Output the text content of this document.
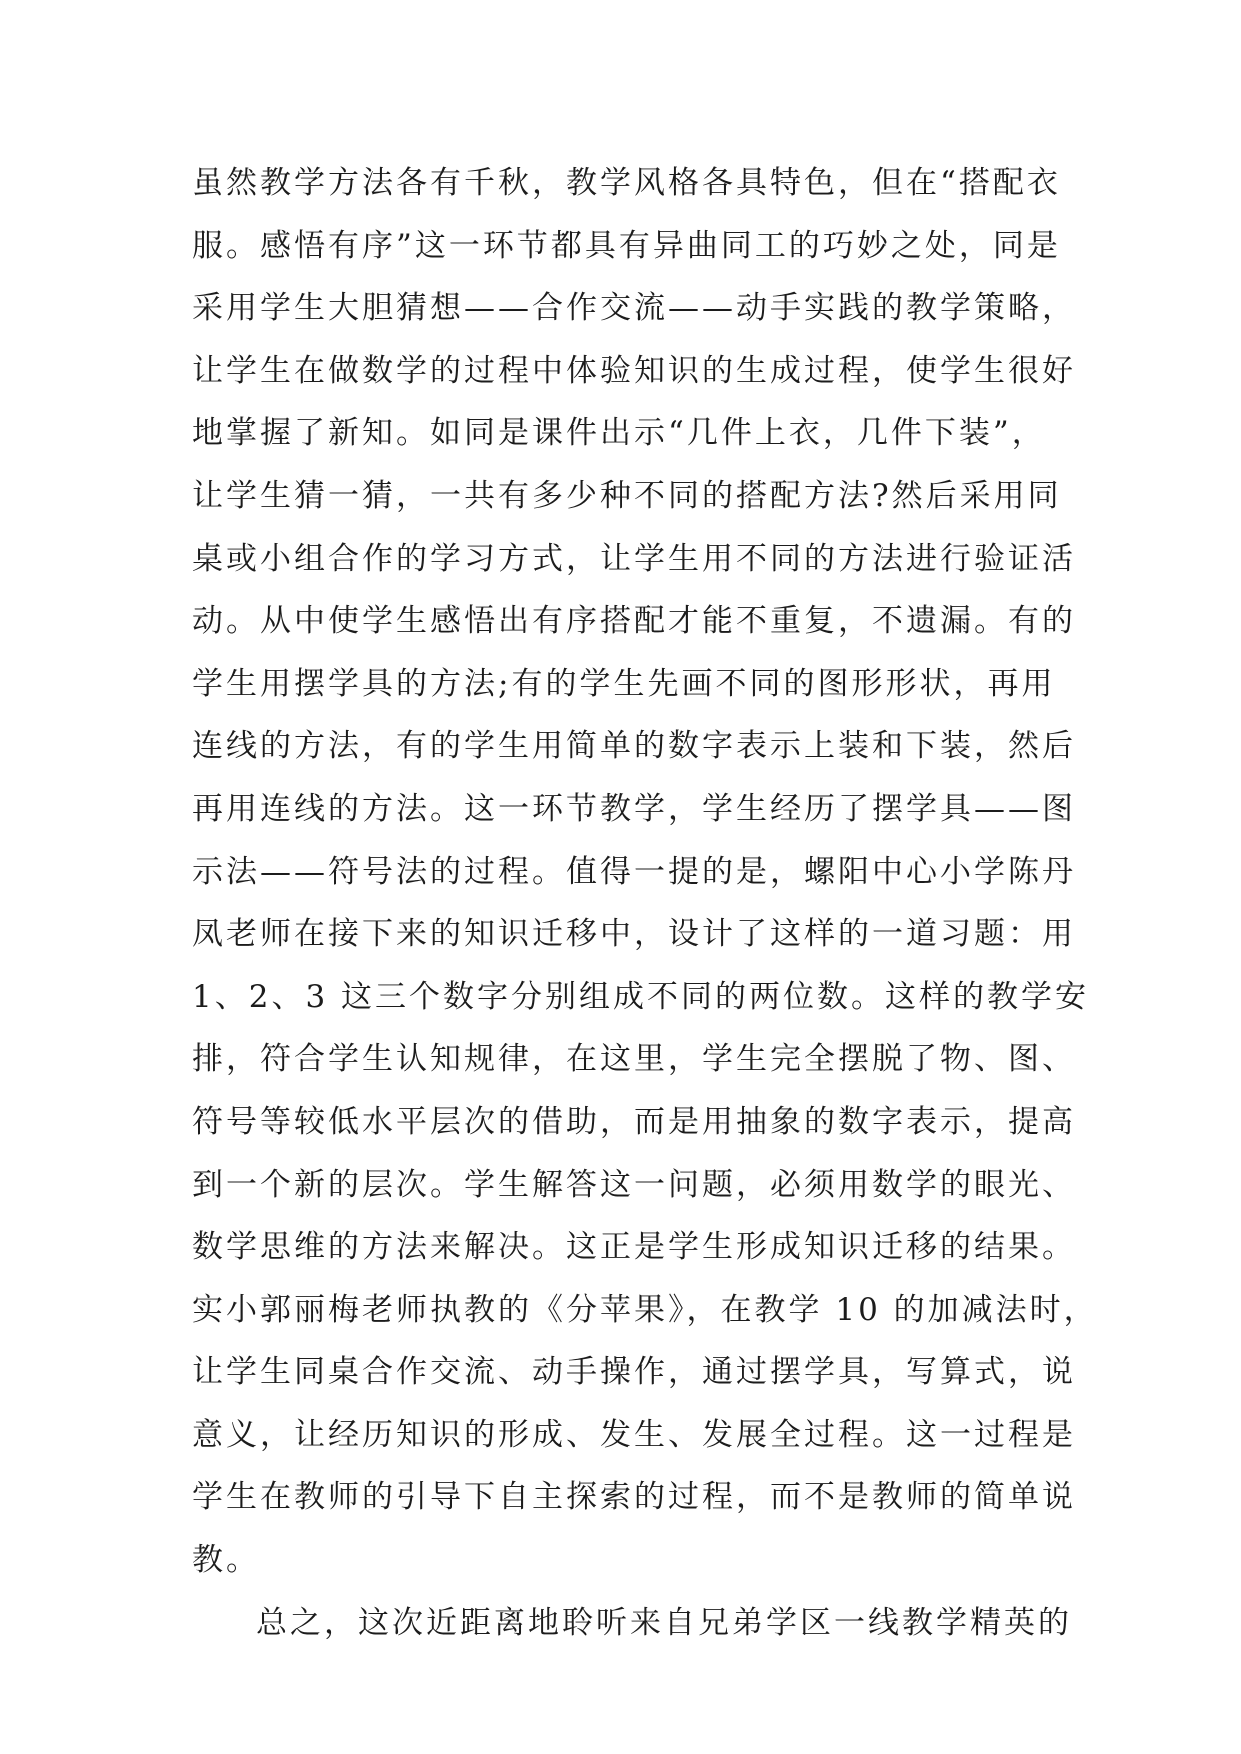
虽然教学方法各有千秋，教学风格各具特色，但在“搭配衣
服。感悟有序”这一环节都具有异曲同工的巧妙之处，同是
采用学生大胆猜想——合作交流——动手实践的教学策略，
让学生在做数学的过程中体验知识的生成过程，使学生很好
地掌握了新知。如同是课件出示“几件上衣，几件下装”，
让学生猜一猜，一共有多少种不同的搭配方法?然后采用同
桌或小组合作的学习方式，让学生用不同的方法进行验证活
动。从中使学生感悟出有序搭配才能不重复，不遗漏。有的
学生用摆学具的方法;有的学生先画不同的图形形状，再用
连线的方法，有的学生用简单的数字表示上装和下装，然后
再用连线的方法。这一环节教学，学生经历了摆学具——图
示法——符号法的过程。值得一提的是，螺阳中心小学陈丹
凤老师在接下来的知识迁移中，设计了这样的一道习题：用
1、2、3 这三个数字分别组成不同的两位数。这样的教学安
排，符合学生认知规律，在这里，学生完全摆脱了物、图、
符号等较低水平层次的借助，而是用抽象的数字表示，提高
到一个新的层次。学生解答这一问题，必须用数学的眼光、
数学思维的方法来解决。这正是学生形成知识迁移的结果。
实小郭丽梅老师执教的《分苹果》，在教学 10 的加减法时，
让学生同桌合作交流、动手操作，通过摆学具，写算式，说
意义，让经历知识的形成、发生、发展全过程。这一过程是
学生在教师的引导下自主探索的过程，而不是教师的简单说
教。
总之，这次近距离地聆听来自兄弟学区一线教学精英的
